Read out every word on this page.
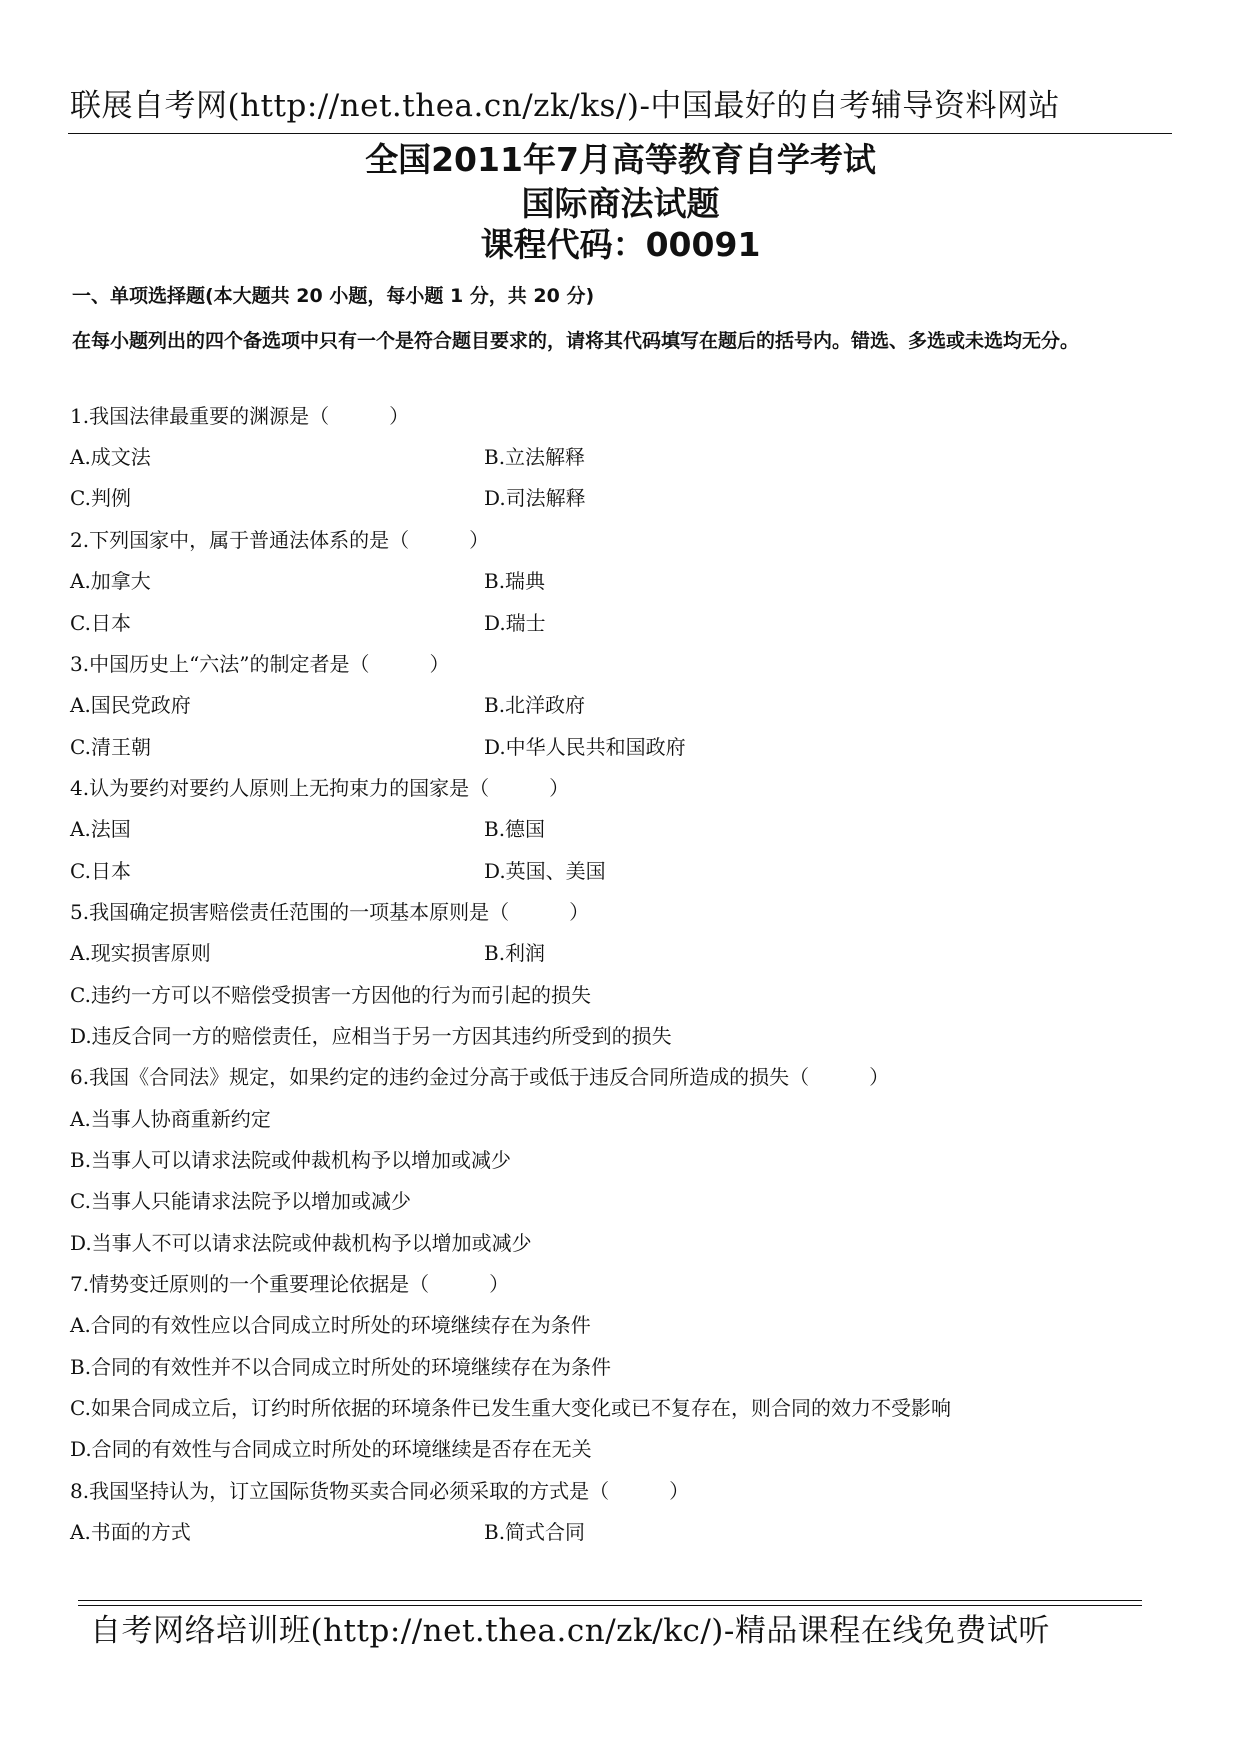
联展自考网(http://net.thea.cn/zk/ks/)-中国最好的自考辅导资料网站
全国2011年7月高等教育自学考试
国际商法试题
课程代码：00091
一、单项选择题(本大题共 20 小题，每小题 1 分，共 20 分)
在每小题列出的四个备选项中只有一个是符合题目要求的，请将其代码填写在题后的括号内。错选、多选或未选均无分。
1.我国法律最重要的渊源是（　　　）
A.成文法	B.立法解释
C.判例	D.司法解释
2.下列国家中，属于普通法体系的是（　　　）
A.加拿大	B.瑞典
C.日本	D.瑞士
3.中国历史上“六法”的制定者是（　　　）
A.国民党政府	B.北洋政府
C.清王朝	D.中华人民共和国政府
4.认为要约对要约人原则上无拘束力的国家是（　　　）
A.法国	B.德国
C.日本	D.英国、美国
5.我国确定损害赔偿责任范围的一项基本原则是（　　　）
A.现实损害原则	B.利润
C.违约一方可以不赔偿受损害一方因他的行为而引起的损失
D.违反合同一方的赔偿责任，应相当于另一方因其违约所受到的损失
6.我国《合同法》规定，如果约定的违约金过分高于或低于违反合同所造成的损失（　　　）
A.当事人协商重新约定
B.当事人可以请求法院或仲裁机构予以增加或减少
C.当事人只能请求法院予以增加或减少
D.当事人不可以请求法院或仲裁机构予以增加或减少
7.情势变迁原则的一个重要理论依据是（　　　）
A.合同的有效性应以合同成立时所处的环境继续存在为条件
B.合同的有效性并不以合同成立时所处的环境继续存在为条件
C.如果合同成立后，订约时所依据的环境条件已发生重大变化或已不复存在，则合同的效力不受影响
D.合同的有效性与合同成立时所处的环境继续是否存在无关
8.我国坚持认为，订立国际货物买卖合同必须采取的方式是（　　　）
A.书面的方式	B.简式合同
自考网络培训班(http://net.thea.cn/zk/kc/)-精品课程在线免费试听
